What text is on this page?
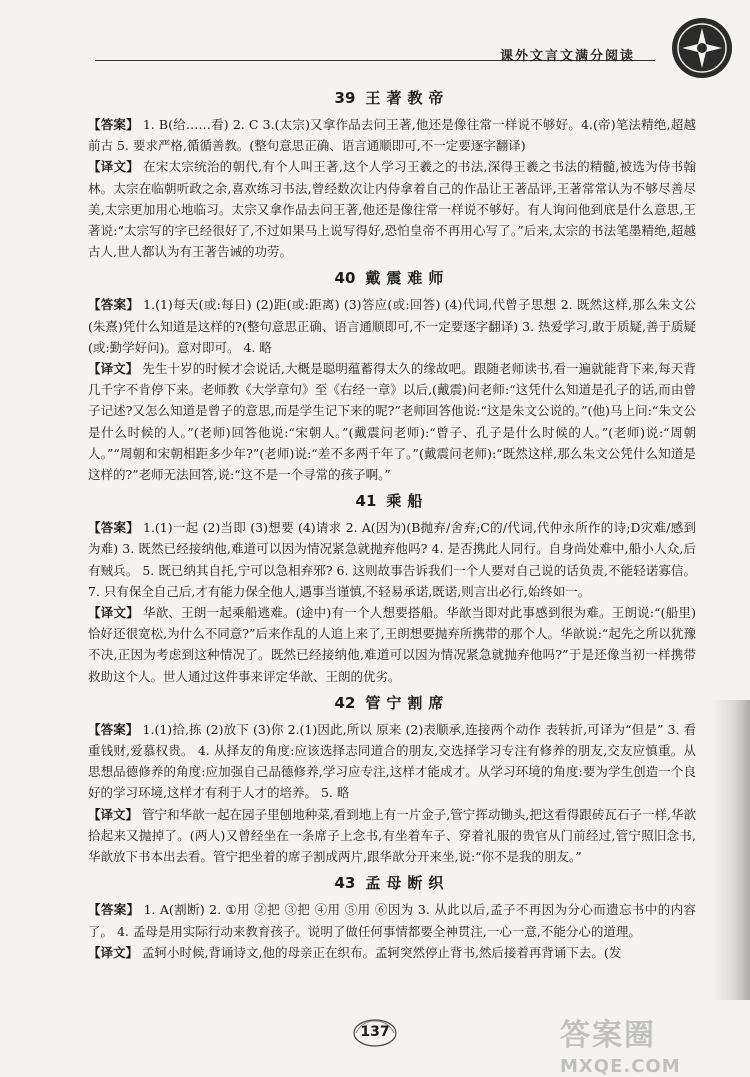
课外文言文满分阅读
39 王著教帝

【答案】 1. B(给……看) 2. C 3.(太宗)又拿作品去问王著,他还是像往常一样说不够好。4.(帝)笔法精绝,超越前古 5. 要求严格,循循善教。(整句意思正确、语言通顺即可,不一定要逐字翻译)

【译文】 在宋太宗统治的朝代,有个人叫王著,这个人学习王羲之的书法,深得王羲之书法的精髓,被选为侍书翰林。太宗在临朝听政之余,喜欢练习书法,曾经数次让内侍拿着自己的作品让王著品评,王著常常认为不够尽善尽美,太宗更加用心地临习。太宗又拿作品去问王著,他还是像往常一样说不够好。有人询问他到底是什么意思,王著说:“太宗写的字已经很好了,不过如果马上说写得好,恐怕皇帝不再用心写了。”后来,太宗的书法笔墨精绝,超越古人,世人都认为有王著告诫的功劳。

40 戴震难师

【答案】 1.(1)每天(或:每日) (2)距(或:距离) (3)答应(或:回答) (4)代词,代曾子思想 2. 既然这样,那么朱文公(朱熹)凭什么知道是这样的?(整句意思正确、语言通顺即可,不一定要逐字翻译) 3. 热爱学习,敢于质疑,善于质疑(或:勤学好问)。意对即可。 4. 略

【译文】 先生十岁的时候才会说话,大概是聪明蕴蓄得太久的缘故吧。跟随老师读书,看一遍就能背下来,每天背几千字不肯停下来。老师教《大学章句》至《右经一章》以后,(戴震)问老师:“这凭什么知道是孔子的话,而由曾子记述?又怎么知道是曾子的意思,而是学生记下来的呢?”老师回答他说:“这是朱文公说的。”(他)马上问:“朱文公是什么时候的人。”(老师)回答他说:“宋朝人。”(戴震问老师):“曾子、孔子是什么时候的人。”(老师)说:“周朝人。”“周朝和宋朝相距多少年?”(老师)说:“差不多两千年了。”(戴震问老师):“既然这样,那么朱文公凭什么知道是这样的?”老师无法回答,说:“这不是一个寻常的孩子啊。”

41 乘船

【答案】 1.(1)一起 (2)当即 (3)想要 (4)请求 2. A(因为)(B抛弃/舍弃;C的/代词,代仲永所作的诗;D灾难/感到为难) 3. 既然已经接纳他,难道可以因为情况紧急就抛弃他吗? 4. 是否携此人同行。自身尚处难中,船小人众,后有贼兵。 5. 既已纳其自托,宁可以急相弃邪? 6. 这则故事告诉我们一个人要对自己说的话负责,不能轻诺寡信。 7. 只有保全自己后,才有能力保全他人,遇事当谨慎,不轻易承诺,既诺,则言出必行,始终如一。

【译文】 华歆、王朗一起乘船逃难。(途中)有一个人想要搭船。华歆当即对此事感到很为难。王朗说:“(船里)恰好还很宽松,为什么不同意?”后来作乱的人追上来了,王朗想要抛弃所携带的那个人。华歆说:“起先之所以犹豫不决,正因为考虑到这种情况了。既然已经接纳他,难道可以因为情况紧急就抛弃他吗?”于是还像当初一样携带救助这个人。世人通过这件事来评定华歆、王朗的优劣。

42 管宁割席

【答案】 1.(1)拾,拣 (2)放下 (3)你 2.(1)因此,所以 原来 (2)表顺承,连接两个动作 表转折,可译为“但是” 3. 看重钱财,爱慕权贵。 4. 从择友的角度:应该选择志同道合的朋友,交选择学习专注有修养的朋友,交友应慎重。从思想品德修养的角度:应加强自己品德修养,学习应专注,这样才能成才。从学习环境的角度:要为学生创造一个良好的学习环境,这样才有利于人才的培养。 5. 略

【译文】 管宁和华歆一起在园子里刨地种菜,看到地上有一片金子,管宁挥动锄头,把这看得跟砖瓦石子一样,华歆拾起来又抛掉了。(两人)又曾经坐在一条席子上念书,有坐着车子、穿着礼服的贵官从门前经过,管宁照旧念书,华歆放下书本出去看。管宁把坐着的席子割成两片,跟华歆分开来坐,说:“你不是我的朋友。”

43 孟母断织

【答案】 1. A(割断) 2. ①用 ②把 ③把 ④用 ⑤用 ⑥因为 3. 从此以后,孟子不再因为分心而遗忘书中的内容了。 4. 孟母是用实际行动来教育孩子。说明了做任何事情都要全神贯注,一心一意,不能分心的道理。

【译文】 孟轲小时候,背诵诗文,他的母亲正在织布。孟轲突然停止背书,然后接着再背诵下去。(发

137	答案圈
MXQE.COM
